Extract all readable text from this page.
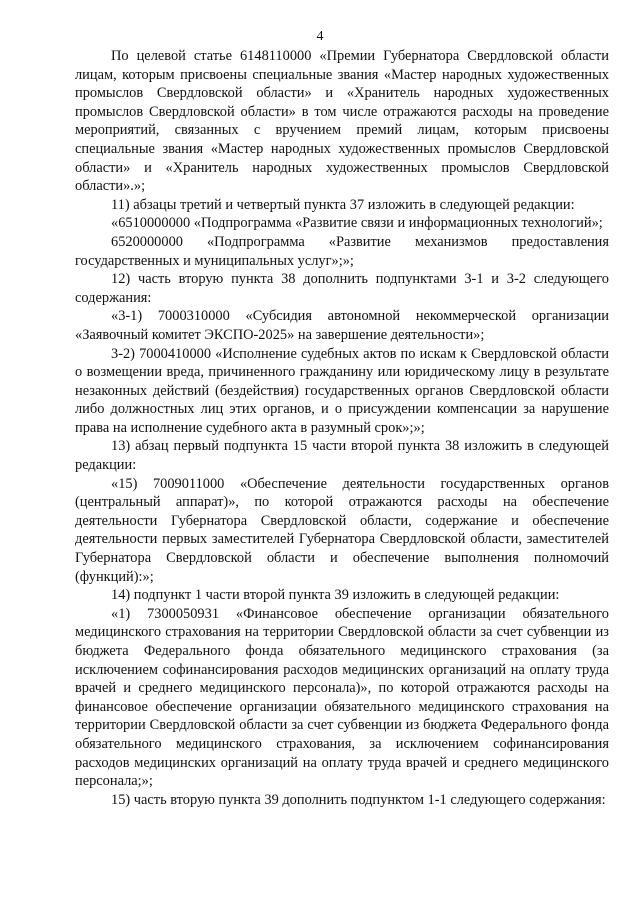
4

По целевой статье 6148110000 «Премии Губернатора Свердловской области лицам, которым присвоены специальные звания «Мастер народных художественных промыслов Свердловской области» и «Хранитель народных художественных промыслов Свердловской области» в том числе отражаются расходы на проведение мероприятий, связанных с вручением премий лицам, которым присвоены специальные звания «Мастер народных художественных промыслов Свердловской области» и «Хранитель народных художественных промыслов Свердловской области».»;

11) абзацы третий и четвертый пункта 37 изложить в следующей редакции:

«6510000000 «Подпрограмма «Развитие связи и информационных технологий»;

6520000000 «Подпрограмма «Развитие механизмов предоставления государственных и муниципальных услуг»;»;

12) часть вторую пункта 38 дополнить подпунктами 3-1 и 3-2 следующего содержания:

«3-1) 7000310000 «Субсидия автономной некоммерческой организации «Заявочный комитет ЭКСПО-2025» на завершение деятельности»;

3-2) 7000410000 «Исполнение судебных актов по искам к Свердловской области о возмещении вреда, причиненного гражданину или юридическому лицу в результате незаконных действий (бездействия) государственных органов Свердловской области либо должностных лиц этих органов, и о присуждении компенсации за нарушение права на исполнение судебного акта в разумный срок»;»;

13) абзац первый подпункта 15 части второй пункта 38 изложить в следующей редакции:

«15) 7009011000 «Обеспечение деятельности государственных органов (центральный аппарат)», по которой отражаются расходы на обеспечение деятельности Губернатора Свердловской области, содержание и обеспечение деятельности первых заместителей Губернатора Свердловской области, заместителей Губернатора Свердловской области и обеспечение выполнения полномочий (функций):»;

14) подпункт 1 части второй пункта 39 изложить в следующей редакции:

«1) 7300050931 «Финансовое обеспечение организации обязательного медицинского страхования на территории Свердловской области за счет субвенции из бюджета Федерального фонда обязательного медицинского страхования (за исключением софинансирования расходов медицинских организаций на оплату труда врачей и среднего медицинского персонала)», по которой отражаются расходы на финансовое обеспечение организации обязательного медицинского страхования на территории Свердловской области за счет субвенции из бюджета Федерального фонда обязательного медицинского страхования, за исключением софинансирования расходов медицинских организаций на оплату труда врачей и среднего медицинского персонала;»;

15) часть вторую пункта 39 дополнить подпунктом 1-1 следующего содержания:
